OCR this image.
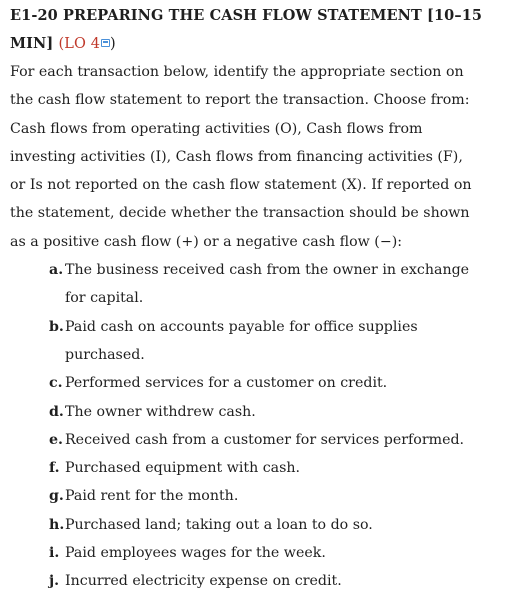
E1-20 PREPARING THE CASH FLOW STATEMENT [10–15
MIN] (LO 4 )

For each transaction below, identify the appropriate section on
the cash flow statement to report the transaction. Choose from:
Cash flows from operating activities (O), Cash flows from
investing activities (I), Cash flows from financing activities (F),
or Is not reported on the cash flow statement (X). If reported on
the statement, decide whether the transaction should be shown
as a positive cash flow (+) or a negative cash flow (−):

a. The business received cash from the owner in exchange
for capital.
b. Paid cash on accounts payable for office supplies
purchased.
c. Performed services for a customer on credit.
d. The owner withdrew cash.
e. Received cash from a customer for services performed.
f. Purchased equipment with cash.
g. Paid rent for the month.
h. Purchased land; taking out a loan to do so.
i. Paid employees wages for the week.
j. Incurred electricity expense on credit.
